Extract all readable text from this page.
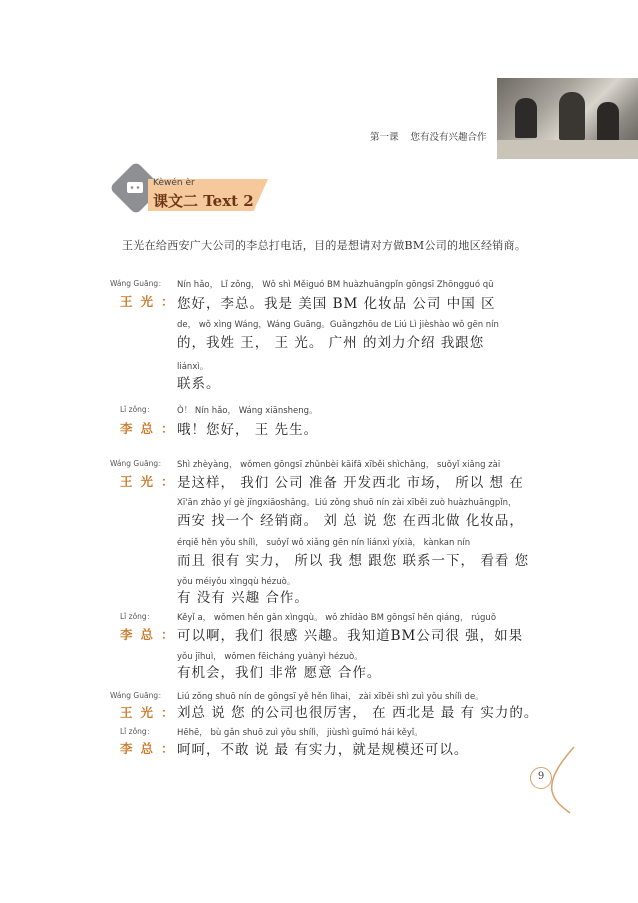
第一课 您有没有兴趣合作
Kèwén èr
课文二 Text 2
王光在给西安广大公司的李总打电话，目的是想请对方做BM公司的地区经销商。
Wáng Guāng：
王光：
Nín hǎo， Lǐ zǒng， Wǒ shì Měiguó BM huàzhuāngpǐn gōngsī Zhōngguó qū
您好，李总。我是 美国 BM 化妆品 公司 中国 区
de， wǒ xìng Wáng，Wáng Guāng。Guǎngzhōu de Liú Lì jièshào wǒ gēn nín
的，我姓 王， 王 光。 广州 的刘力介绍 我跟您
liánxì。
联系。
Lǐ zǒng：
李总：
Ò！ Nín hǎo， Wáng xiānsheng。
哦！您好， 王 先生。
Wáng Guāng：
王光：
Shì zhèyàng， wǒmen gōngsī zhǔnbèi kāifā xīběi shìchǎng， suǒyǐ xiǎng zài
是这样， 我们 公司 准备 开发西北 市场， 所以 想 在
Xī'ān zhǎo yí gè jīngxiāoshāng。Liú zǒng shuō nín zài xīběi zuò huàzhuāngpǐn，
西安 找一个 经销商。 刘 总 说 您 在西北做 化妆品，
érqiě hěn yǒu shílì， suǒyǐ wǒ xiǎng gēn nín liánxì yíxià， kànkan nín
而且 很有 实力， 所以 我 想 跟您 联系一下， 看看 您
yǒu méiyǒu xìngqù hézuò。
有 没有 兴趣 合作。
Lǐ zǒng：
李总：
Kěyǐ a， wǒmen hěn gǎn xìngqù。 wǒ zhīdào BM gōngsī hěn qiáng， rúguǒ
可以啊，我们 很感 兴趣。我知道BM公司很 强，如果
yǒu jīhuì， wǒmen fēicháng yuànyì hézuò。
有机会，我们 非常 愿意 合作。
Wáng Guāng：
王光：
Liú zǒng shuō nín de gōngsī yě hěn lìhai， zài xīběi shì zuì yǒu shílì de。
刘总 说 您 的公司也很厉害， 在 西北是 最 有 实力的。
Lǐ zǒng：
李总：
Hēhē， bù gǎn shuō zuì yǒu shílì， jiùshì guīmó hái kěyǐ。
呵呵，不敢 说 最 有实力，就是规模还可以。
9
